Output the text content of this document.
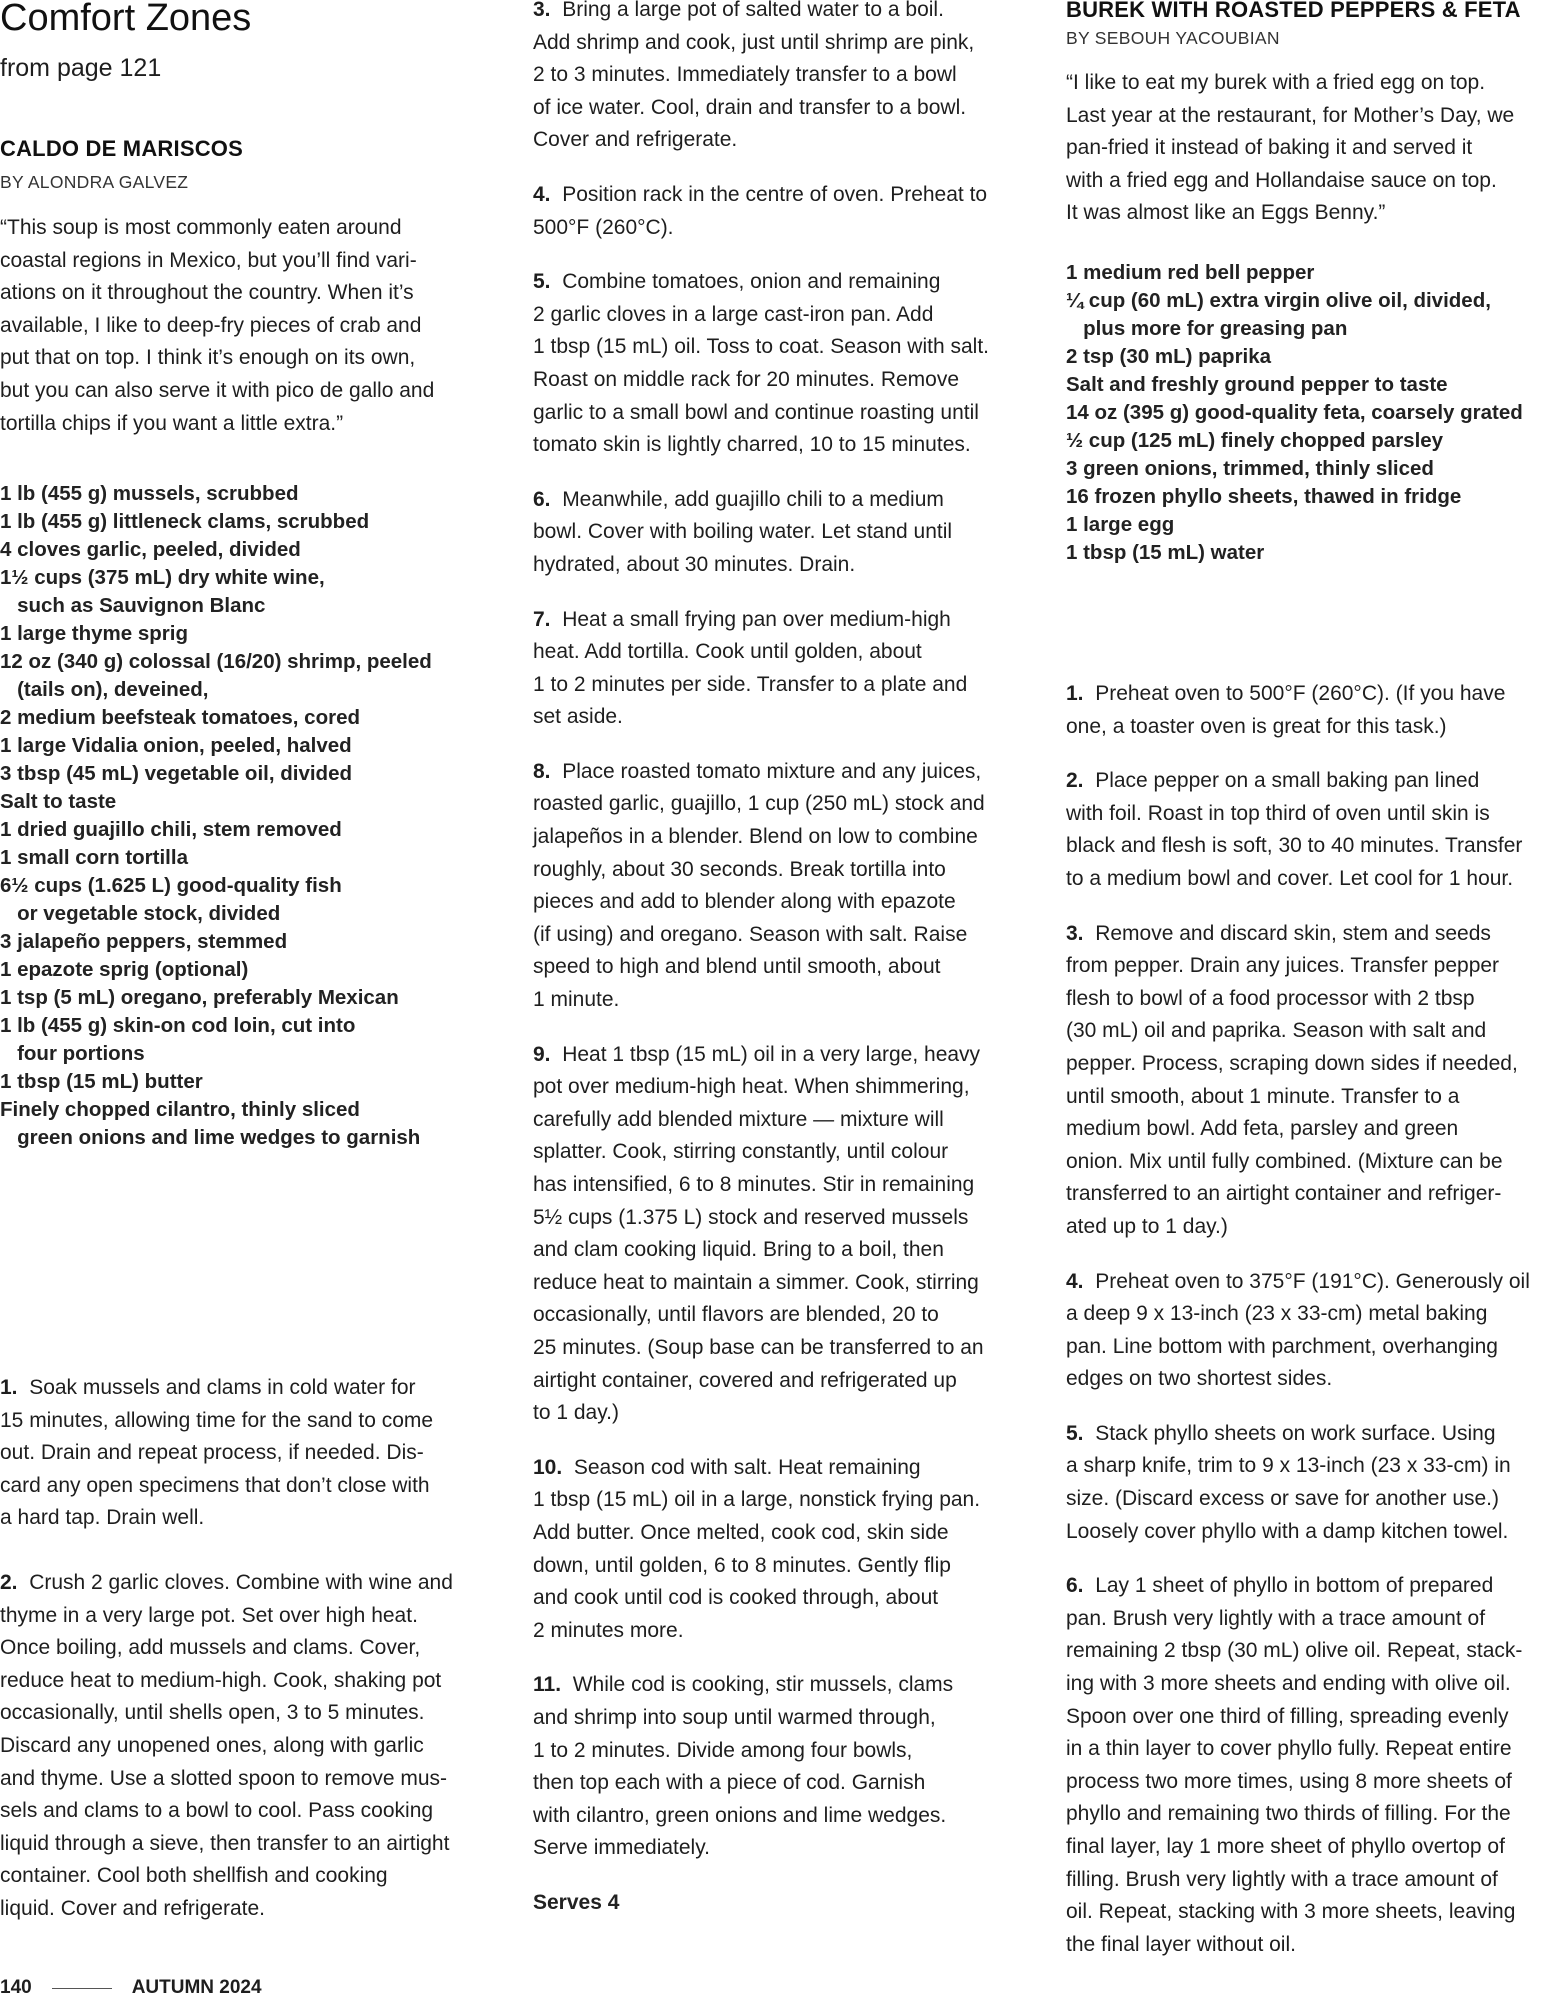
Comfort Zones
from page 121
CALDO DE MARISCOS
BY ALONDRA GALVEZ
“This soup is most commonly eaten around
coastal regions in Mexico, but you’ll find vari-
ations on it throughout the country. When it’s
available, I like to deep-fry pieces of crab and
put that on top. I think it’s enough on its own,
but you can also serve it with pico de gallo and
tortilla chips if you want a little extra.”
1 lb (455 g) mussels, scrubbed
1 lb (455 g) littleneck clams, scrubbed
4 cloves garlic, peeled, divided
1½ cups (375 mL) dry white wine,
such as Sauvignon Blanc
1 large thyme sprig
12 oz (340 g) colossal (16/20) shrimp, peeled
(tails on), deveined,
2 medium beefsteak tomatoes, cored
1 large Vidalia onion, peeled, halved
3 tbsp (45 mL) vegetable oil, divided
Salt to taste
1 dried guajillo chili, stem removed
1 small corn tortilla
6½ cups (1.625 L) good-quality fish
or vegetable stock, divided
3 jalapeño peppers, stemmed
1 epazote sprig (optional)
1 tsp (5 mL) oregano, preferably Mexican
1 lb (455 g) skin-on cod loin, cut into
four portions
1 tbsp (15 mL) butter
Finely chopped cilantro, thinly sliced
green onions and lime wedges to garnish
1. Soak mussels and clams in cold water for
15 minutes, allowing time for the sand to come
out. Drain and repeat process, if needed. Dis-
card any open specimens that don’t close with
a hard tap. Drain well.
2. Crush 2 garlic cloves. Combine with wine and
thyme in a very large pot. Set over high heat.
Once boiling, add mussels and clams. Cover,
reduce heat to medium-high. Cook, shaking pot
occasionally, until shells open, 3 to 5 minutes.
Discard any unopened ones, along with garlic
and thyme. Use a slotted spoon to remove mus-
sels and clams to a bowl to cool. Pass cooking
liquid through a sieve, then transfer to an airtight
container. Cool both shellfish and cooking
liquid. Cover and refrigerate.
3. Bring a large pot of salted water to a boil.
Add shrimp and cook, just until shrimp are pink,
2 to 3 minutes. Immediately transfer to a bowl
of ice water. Cool, drain and transfer to a bowl.
Cover and refrigerate.
4. Position rack in the centre of oven. Preheat to
500°F (260°C).
5. Combine tomatoes, onion and remaining
2 garlic cloves in a large cast-iron pan. Add
1 tbsp (15 mL) oil. Toss to coat. Season with salt.
Roast on middle rack for 20 minutes. Remove
garlic to a small bowl and continue roasting until
tomato skin is lightly charred, 10 to 15 minutes.
6. Meanwhile, add guajillo chili to a medium
bowl. Cover with boiling water. Let stand until
hydrated, about 30 minutes. Drain.
7. Heat a small frying pan over medium-high
heat. Add tortilla. Cook until golden, about
1 to 2 minutes per side. Transfer to a plate and
set aside.
8. Place roasted tomato mixture and any juices,
roasted garlic, guajillo, 1 cup (250 mL) stock and
jalapeños in a blender. Blend on low to combine
roughly, about 30 seconds. Break tortilla into
pieces and add to blender along with epazote
(if using) and oregano. Season with salt. Raise
speed to high and blend until smooth, about
1 minute.
9. Heat 1 tbsp (15 mL) oil in a very large, heavy
pot over medium-high heat. When shimmering,
carefully add blended mixture — mixture will
splatter. Cook, stirring constantly, until colour
has intensified, 6 to 8 minutes. Stir in remaining
5½ cups (1.375 L) stock and reserved mussels
and clam cooking liquid. Bring to a boil, then
reduce heat to maintain a simmer. Cook, stirring
occasionally, until flavors are blended, 20 to
25 minutes. (Soup base can be transferred to an
airtight container, covered and refrigerated up
to 1 day.)
10. Season cod with salt. Heat remaining
1 tbsp (15 mL) oil in a large, nonstick frying pan.
Add butter. Once melted, cook cod, skin side
down, until golden, 6 to 8 minutes. Gently flip
and cook until cod is cooked through, about
2 minutes more.
11. While cod is cooking, stir mussels, clams
and shrimp into soup until warmed through,
1 to 2 minutes. Divide among four bowls,
then top each with a piece of cod. Garnish
with cilantro, green onions and lime wedges.
Serve immediately.
Serves 4
BUREK WITH ROASTED PEPPERS & FETA
BY SEBOUH YACOUBIAN
“I like to eat my burek with a fried egg on top.
Last year at the restaurant, for Mother’s Day, we
pan-fried it instead of baking it and served it
with a fried egg and Hollandaise sauce on top.
It was almost like an Eggs Benny.”
1 medium red bell pepper
¼ cup (60 mL) extra virgin olive oil, divided,
plus more for greasing pan
2 tsp (30 mL) paprika
Salt and freshly ground pepper to taste
14 oz (395 g) good-quality feta, coarsely grated
½ cup (125 mL) finely chopped parsley
3 green onions, trimmed, thinly sliced
16 frozen phyllo sheets, thawed in fridge
1 large egg
1 tbsp (15 mL) water
1. Preheat oven to 500°F (260°C). (If you have
one, a toaster oven is great for this task.)
2. Place pepper on a small baking pan lined
with foil. Roast in top third of oven until skin is
black and flesh is soft, 30 to 40 minutes. Transfer
to a medium bowl and cover. Let cool for 1 hour.
3. Remove and discard skin, stem and seeds
from pepper. Drain any juices. Transfer pepper
flesh to bowl of a food processor with 2 tbsp
(30 mL) oil and paprika. Season with salt and
pepper. Process, scraping down sides if needed,
until smooth, about 1 minute. Transfer to a
medium bowl. Add feta, parsley and green
onion. Mix until fully combined. (Mixture can be
transferred to an airtight container and refriger-
ated up to 1 day.)
4. Preheat oven to 375°F (191°C). Generously oil
a deep 9 x 13-inch (23 x 33-cm) metal baking
pan. Line bottom with parchment, overhanging
edges on two shortest sides.
5. Stack phyllo sheets on work surface. Using
a sharp knife, trim to 9 x 13-inch (23 x 33-cm) in
size. (Discard excess or save for another use.)
Loosely cover phyllo with a damp kitchen towel.
6. Lay 1 sheet of phyllo in bottom of prepared
pan. Brush very lightly with a trace amount of
remaining 2 tbsp (30 mL) olive oil. Repeat, stack-
ing with 3 more sheets and ending with olive oil.
Spoon over one third of filling, spreading evenly
in a thin layer to cover phyllo fully. Repeat entire
process two more times, using 8 more sheets of
phyllo and remaining two thirds of filling. For the
final layer, lay 1 more sheet of phyllo overtop of
filling. Brush very lightly with a trace amount of
oil. Repeat, stacking with 3 more sheets, leaving
the final layer without oil.
140	AUTUMN 2024
